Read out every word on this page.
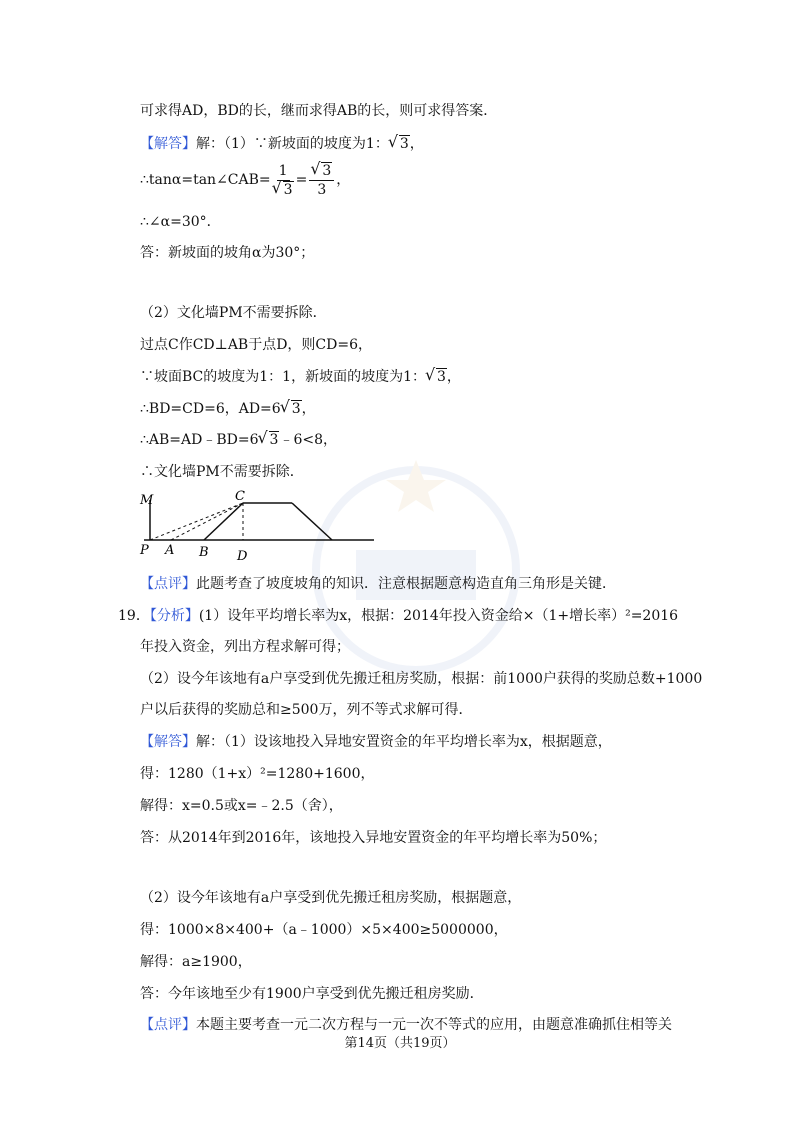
可求得AD，BD的长，继而求得AB的长，则可求得答案．
【解答】解：（1）∵新坡面的坡度为1： √ 3，
∴tanα=tan∠CAB= 1
√ 3 = √ $\frac{3}{3}$ ，
∴∠α=30°．
答：新坡面的坡角α为30°；
（2）文化墙PM不需要拆除．
过点C作CD⊥AB于点D，则CD=6，
∵坡面BC的坡度为1：1，新坡面的坡度为1： √ 3，
∴BD=CD=6，AD=6 √ 3，
∴AB=AD﹣BD=6 √ 3﹣6<8，
∴文化墙PM不需要拆除．
M
P A B D
C
【点评】此题考查了坡度坡角的知识．注意根据题意构造直角三角形是关键．
19．【分析】(1）设年平均增长率为x，根据：2014年投入资金给×（1+增长率）²=2016
年投入资金，列出方程求解可得；
（2）设今年该地有a户享受到优先搬迁租房奖励，根据：前1000户获得的奖励总数+1000
户以后获得的奖励总和≥500万，列不等式求解可得．
【解答】解：（1）设该地投入异地安置资金的年平均增长率为x，根据题意，
得：1280（1+x）²=1280+1600，
解得：x=0.5或x=﹣2.5（舍），
答：从2014年到2016年，该地投入异地安置资金的年平均增长率为50%；
（2）设今年该地有a户享受到优先搬迁租房奖励，根据题意，
得：1000×8×400+（a﹣1000）×5×400≥5000000，
解得：a≥1900，
答：今年该地至少有1900户享受到优先搬迁租房奖励．
【点评】本题主要考查一元二次方程与一元一次不等式的应用，由题意准确抓住相等关
第14页（共19页）
